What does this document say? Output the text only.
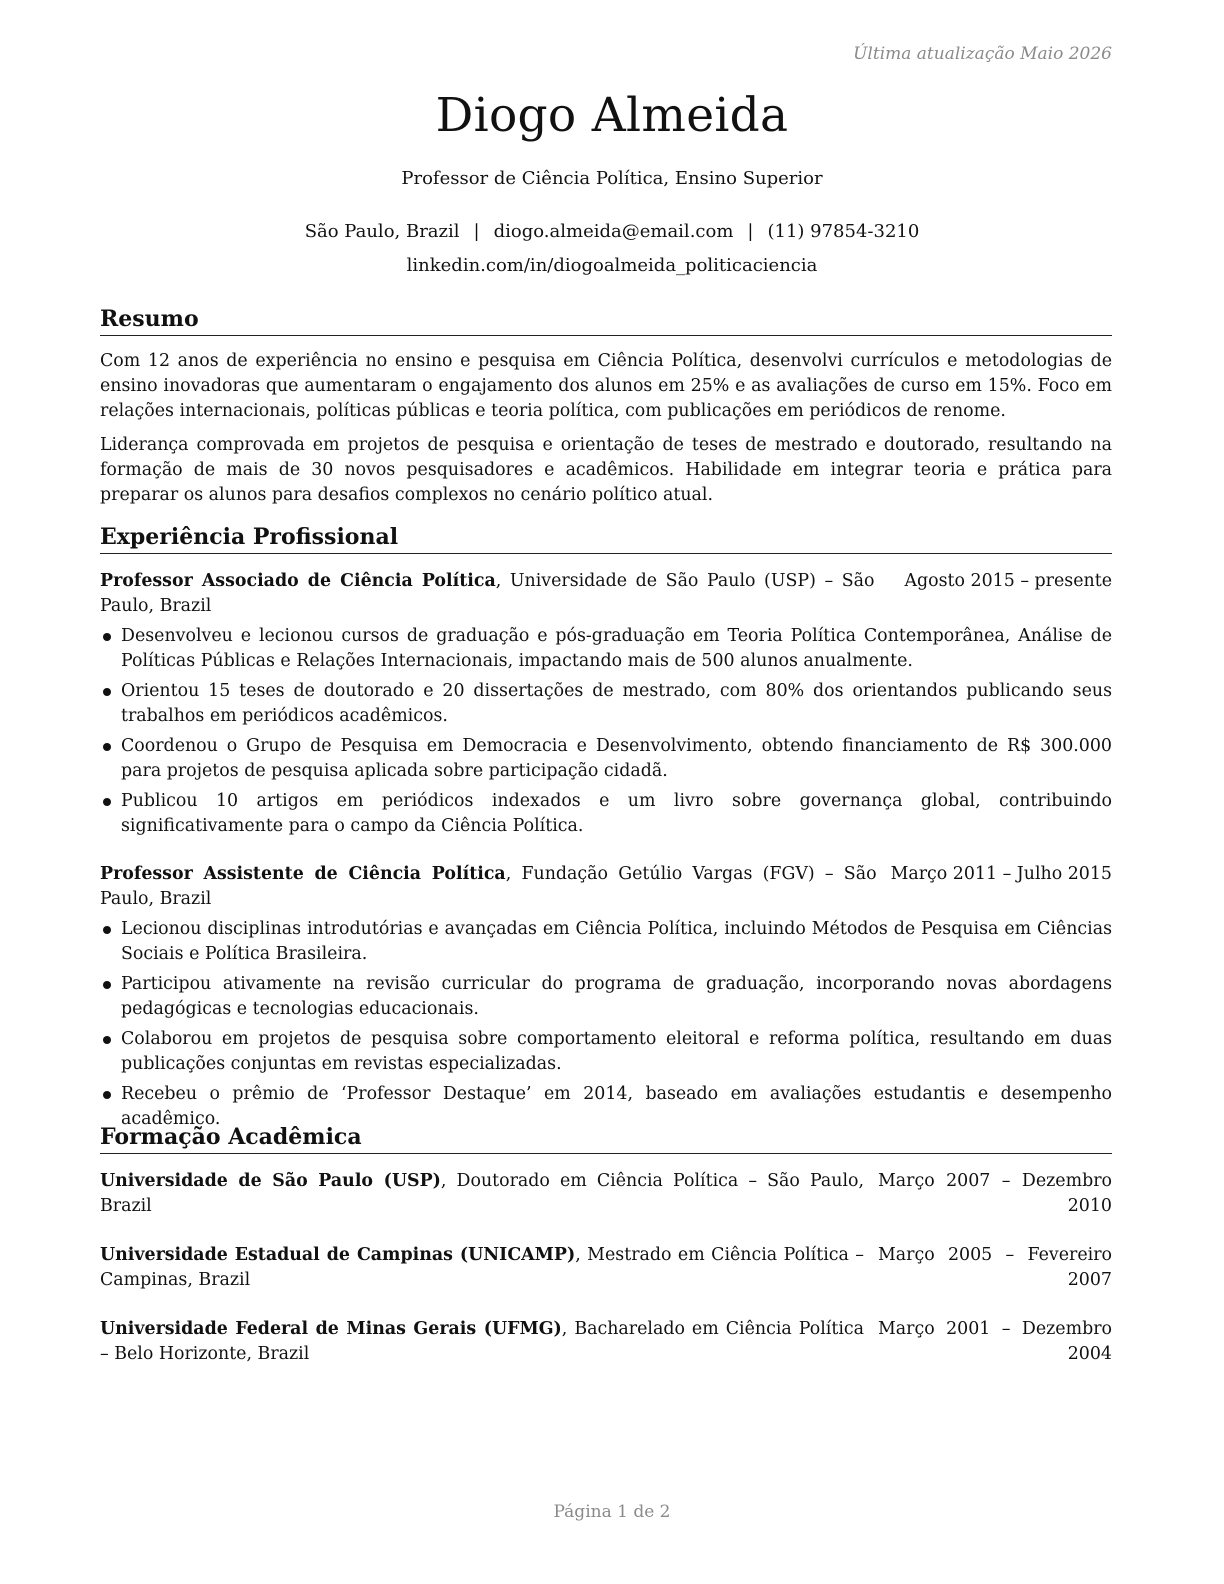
Última atualização Maio 2026
Diogo Almeida
Professor de Ciência Política, Ensino Superior
São Paulo, Brazil | diogo.almeida@email.com | (11) 97854-3210
linkedin.com/in/diogoalmeida_politicaciencia
Resumo

Com 12 anos de experiência no ensino e pesquisa em Ciência Política, desenvolvi currículos e metodologias de ensino inovadoras que aumentaram o engajamento dos alunos em 25% e as avaliações de curso em 15%. Foco em relações internacionais, políticas públicas e teoria política, com publicações em periódicos de renome.

Liderança comprovada em projetos de pesquisa e orientação de teses de mestrado e doutorado, resultando na formação de mais de 30 novos pesquisadores e acadêmicos. Habilidade em integrar teoria e prática para preparar os alunos para desafios complexos no cenário político atual.

Experiência Profissional
Professor Associado de Ciência Política, Universidade de São Paulo (USP) – São Paulo, Brazil
Agosto 2015 – presente
Desenvolveu e lecionou cursos de graduação e pós-graduação em Teoria Política Contemporânea, Análise de Políticas Públicas e Relações Internacionais, impactando mais de 500 alunos anualmente.
Orientou 15 teses de doutorado e 20 dissertações de mestrado, com 80% dos orientandos publicando seus trabalhos em periódicos acadêmicos.
Coordenou o Grupo de Pesquisa em Democracia e Desenvolvimento, obtendo financiamento de R$ 300.000 para projetos de pesquisa aplicada sobre participação cidadã.
Publicou 10 artigos em periódicos indexados e um livro sobre governança global, contribuindo significativamente para o campo da Ciência Política.
Professor Assistente de Ciência Política, Fundação Getúlio Vargas (FGV) – São Paulo, Brazil
Março 2011 – Julho 2015
Lecionou disciplinas introdutórias e avançadas em Ciência Política, incluindo Métodos de Pesquisa em Ciências Sociais e Política Brasileira.
Participou ativamente na revisão curricular do programa de graduação, incorporando novas abordagens pedagógicas e tecnologias educacionais.
Colaborou em projetos de pesquisa sobre comportamento eleitoral e reforma política, resultando em duas publicações conjuntas em revistas especializadas.
Recebeu o prêmio de ‘Professor Destaque’ em 2014, baseado em avaliações estudantis e desempenho acadêmico.
Formação Acadêmica
Universidade de São Paulo (USP), Doutorado em Ciência Política – São Paulo, Brazil
Março 2007 – Dezembro 2010
Universidade Estadual de Campinas (UNICAMP), Mestrado em Ciência Política – Campinas, Brazil
Março 2005 – Fevereiro 2007
Universidade Federal de Minas Gerais (UFMG), Bacharelado em Ciência Política – Belo Horizonte, Brazil
Março 2001 – Dezembro 2004
Página 1 de 2
